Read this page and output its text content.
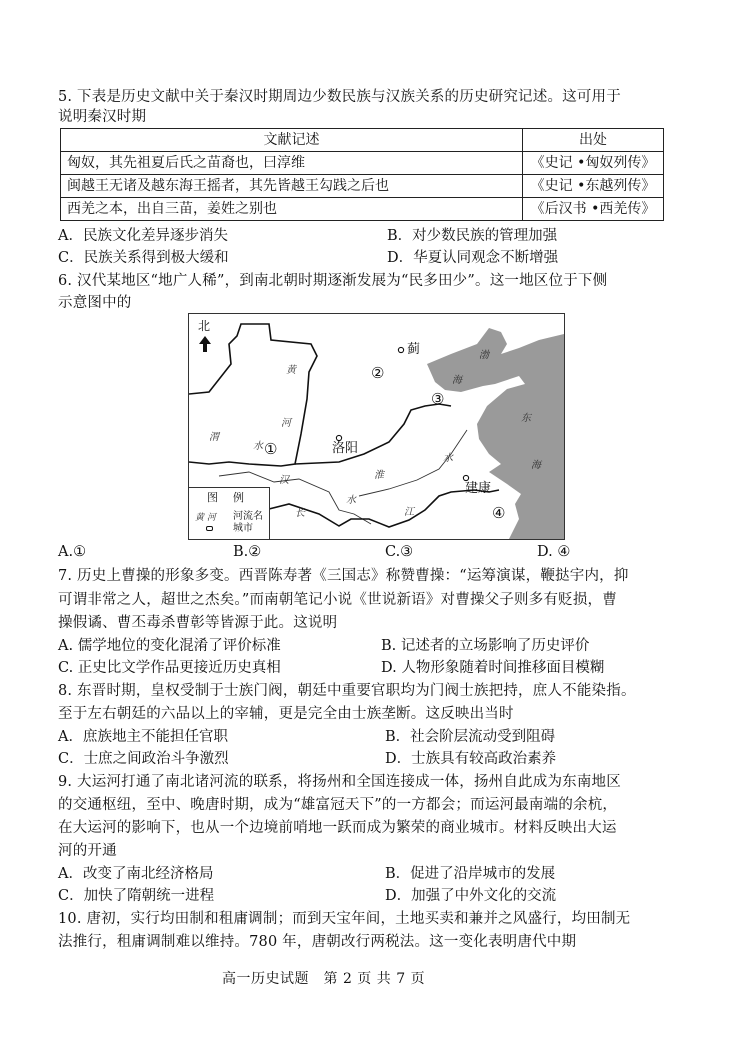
5. 下表是历史文献中关于秦汉时期周边少数民族与汉族关系的历史研究记述。这可用于
说明秦汉时期
文献记述	出处
匈奴，其先祖夏后氏之苗裔也，曰淳维	《史记 •匈奴列传》
闽越王无诸及越东海王摇者，其先皆越王勾践之后也	《史记 •东越列传》
西羌之本，出自三苗，姜姓之别也	《后汉书 •西羌传》
A．民族文化差异逐步消失	B．对少数民族的管理加强
C．民族关系得到极大缓和	D．华夏认同观念不断增强
6. 汉代某地区“地广人稀”，到南北朝时期逐渐发展为“民多田少”。这一地区位于下侧
示意图中的
北
蓟
洛阳
建康
②
③
①
④
黄
河
渭
水
淮
水
汉
水
长	江
渤
海
东
海
图 例
黄 河 河流名
城市
A.①	B.②	C.③	D. ④
7. 历史上曹操的形象多变。西晋陈寿著《三国志》称赞曹操：“运筹演谋，鞭挞宇内，抑
可谓非常之人，超世之杰矣。”而南朝笔记小说《世说新语》对曹操父子则多有贬损，曹
操假谲、曹丕毒杀曹彰等皆源于此。这说明
A. 儒学地位的变化混淆了评价标准	B. 记述者的立场影响了历史评价
C. 正史比文学作品更接近历史真相	D. 人物形象随着时间推移面目模糊
8. 东晋时期，皇权受制于士族门阀，朝廷中重要官职均为门阀士族把持，庶人不能染指。
至于左右朝廷的六品以上的宰辅，更是完全由士族垄断。这反映出当时
A．庶族地主不能担任官职	B．社会阶层流动受到阻碍
C．士庶之间政治斗争激烈	D．士族具有较高政治素养
9. 大运河打通了南北诸河流的联系，将扬州和全国连接成一体，扬州自此成为东南地区
的交通枢纽，至中、晚唐时期，成为“雄富冠天下”的一方都会；而运河最南端的余杭，
在大运河的影响下，也从一个边境前哨地一跃而成为繁荣的商业城市。材料反映出大运
河的开通
A．改变了南北经济格局	B．促进了沿岸城市的发展
C．加快了隋朝统一进程	D．加强了中外文化的交流
10. 唐初，实行均田制和租庸调制；而到天宝年间，土地买卖和兼并之风盛行，均田制无
法推行，租庸调制难以维持。780 年，唐朝改行两税法。这一变化表明唐代中期
高一历史试题　第 2 页 共 7 页
